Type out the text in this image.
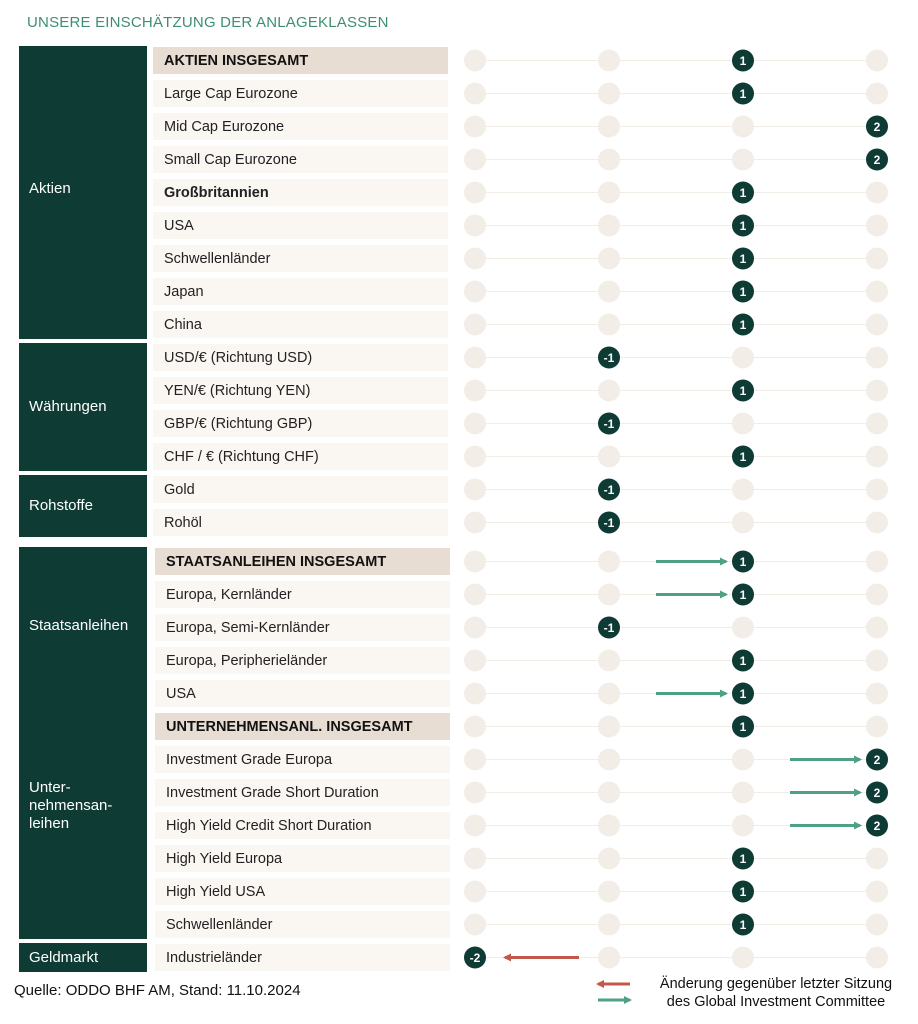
UNSERE EINSCHÄTZUNG DER ANLAGEKLASSEN
Aktien
Währungen
Rohstoffe
Staatsanleihen
Unter-
nehmensan-
leihen
Geldmarkt
AKTIEN INSGESAMT
Large Cap Eurozone
Mid Cap Eurozone
Small Cap Eurozone
Großbritannien
USA
Schwellenländer
Japan
China
USD/€ (Richtung USD)
YEN/€ (Richtung YEN)
GBP/€ (Richtung GBP)
CHF / € (Richtung CHF)
Gold
Rohöl
STAATSANLEIHEN INSGESAMT
Europa, Kernländer
Europa, Semi-Kernländer
Europa, Peripherieländer
USA
UNTERNEHMENSANL. INSGESAMT
Investment Grade Europa
Investment Grade Short Duration
High Yield Credit Short Duration
High Yield Europa
High Yield USA
Schwellenländer
Industrieländer
1
1
2
2
1
1
1
1
1
-1
1
-1
1
-1
-1
1
1
-1
1
1
1
2
2
2
1
1
1
-2
Quelle: ODDO BHF AM, Stand: 11.10.2024	Änderung gegenüber letzter Sitzung
des Global Investment Committee
